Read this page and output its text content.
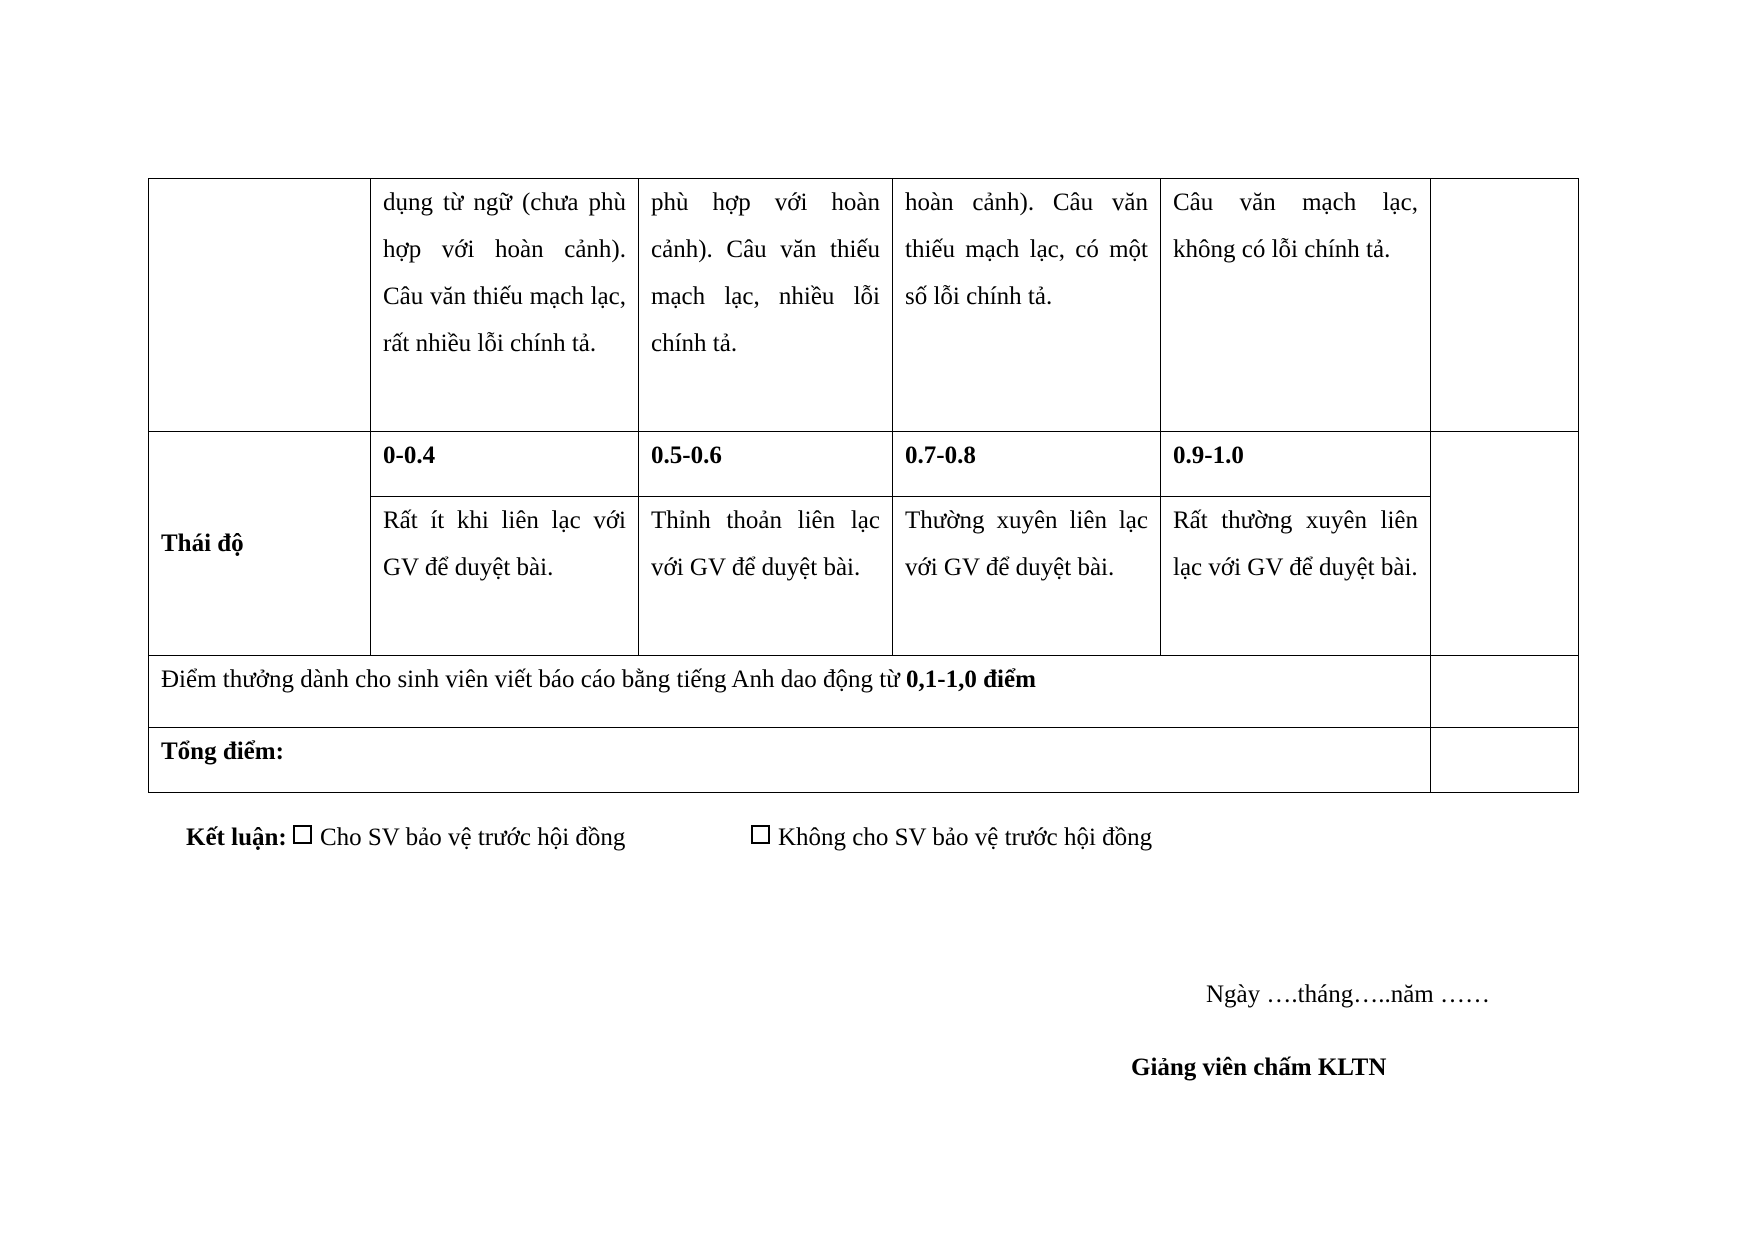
	dụng từ ngữ (chưa phù hợp với hoàn cảnh). Câu văn thiếu mạch lạc, rất nhiều lỗi chính tả.	phù hợp với hoàn cảnh). Câu văn thiếu mạch lạc, nhiều lỗi chính tả.	hoàn cảnh). Câu văn thiếu mạch lạc, có một số lỗi chính tả.	Câu văn mạch lạc, không có lỗi chính tả.	
Thái độ	0-0.4	0.5-0.6	0.7-0.8	0.9-1.0	
	Rất ít khi liên lạc với GV để duyệt bài.	Thỉnh thoản liên lạc với GV để duyệt bài.	Thường xuyên liên lạc với GV để duyệt bài.	Rất thường xuyên liên lạc với GV để duyệt bài.	
Điểm thưởng dành cho sinh viên viết báo cáo bằng tiếng Anh dao động từ 0,1-1,0 điểm					
Tổng điểm:					
Kết luận: Cho SV bảo vệ trước hội đồng	Không cho SV bảo vệ trước hội đồng
Ngày ….tháng…..năm ……
Giảng viên chấm KLTN
